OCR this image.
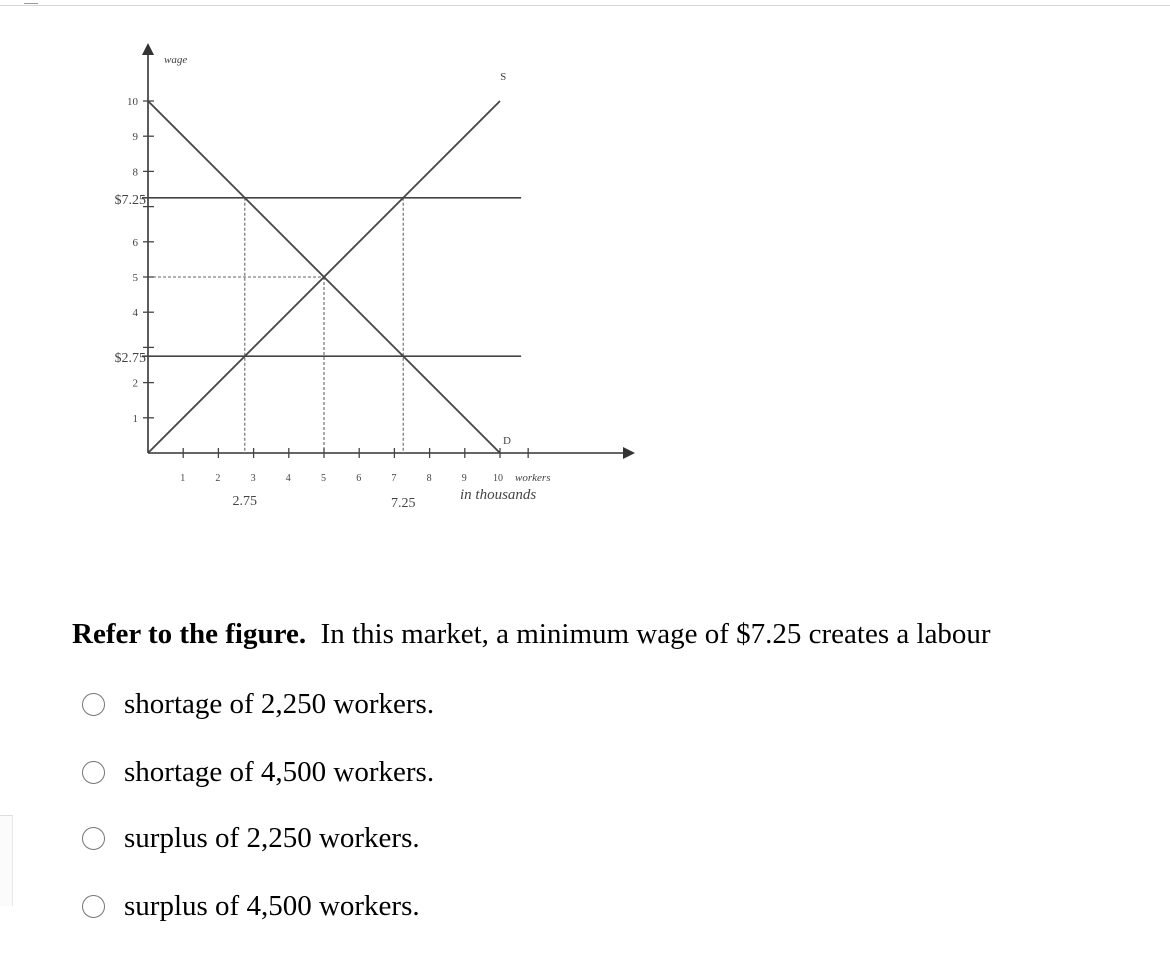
10
9
8
6
5
4
2
1
$7.25
$2.75
1	2	3	4	5	6	7	8	9	10
2.75	7.25
wage
workers
in thousands
S
D
Refer to the figure. In this market, a minimum wage of $7.25 creates a labour
shortage of 2,250 workers.
shortage of 4,500 workers.
surplus of 2,250 workers.
surplus of 4,500 workers.
